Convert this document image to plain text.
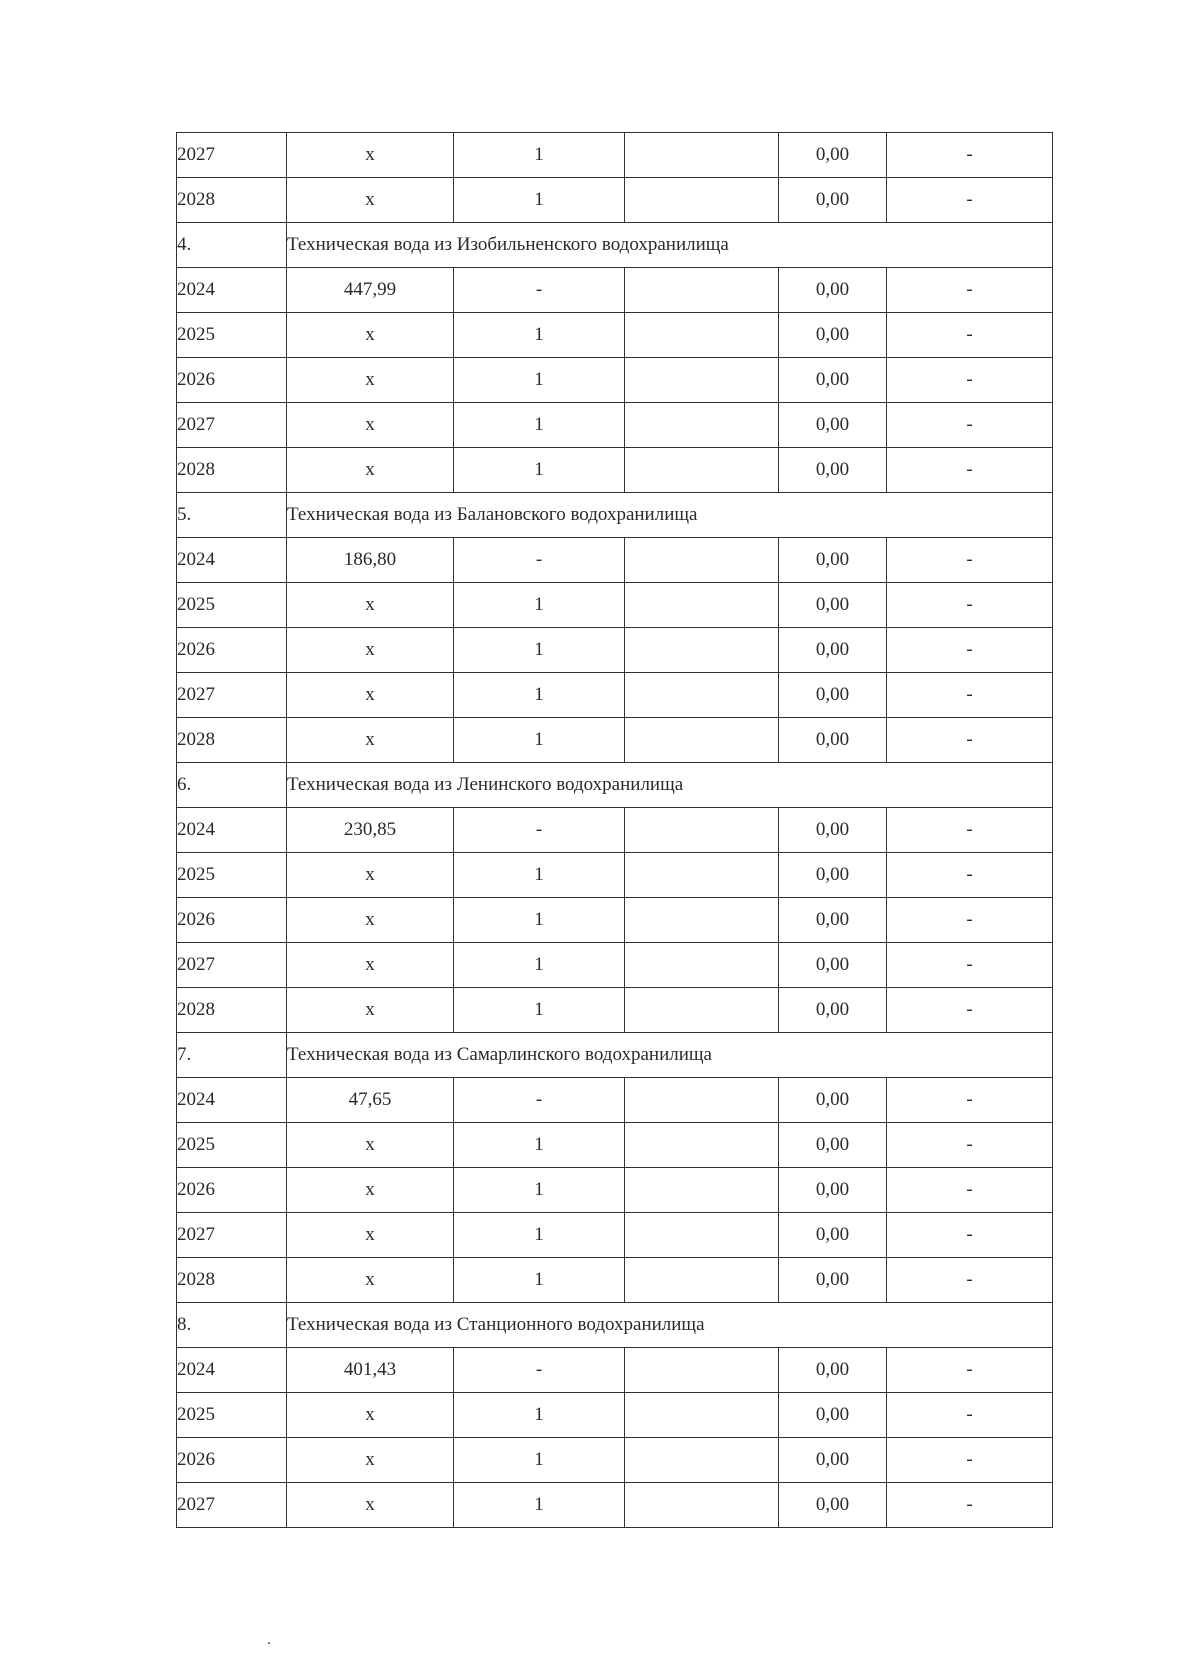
2027	x	1		0,00	-
2028	x	1		0,00	-
4.	Техническая вода из Изобильненского водохранилища				
2024	447,99	-		0,00	-
2025	x	1		0,00	-
2026	x	1		0,00	-
2027	x	1		0,00	-
2028	x	1		0,00	-
5.	Техническая вода из Балановского водохранилища				
2024	186,80	-		0,00	-
2025	x	1		0,00	-
2026	x	1		0,00	-
2027	x	1		0,00	-
2028	x	1		0,00	-
6.	Техническая вода из Ленинского водохранилища				
2024	230,85	-		0,00	-
2025	x	1		0,00	-
2026	x	1		0,00	-
2027	x	1		0,00	-
2028	x	1		0,00	-
7.	Техническая вода из Самарлинского водохранилища				
2024	47,65	-		0,00	-
2025	x	1		0,00	-
2026	x	1		0,00	-
2027	x	1		0,00	-
2028	x	1		0,00	-
8.	Техническая вода из Станционного водохранилища				
2024	401,43	-		0,00	-
2025	x	1		0,00	-
2026	x	1		0,00	-
2027	x	1		0,00	-
